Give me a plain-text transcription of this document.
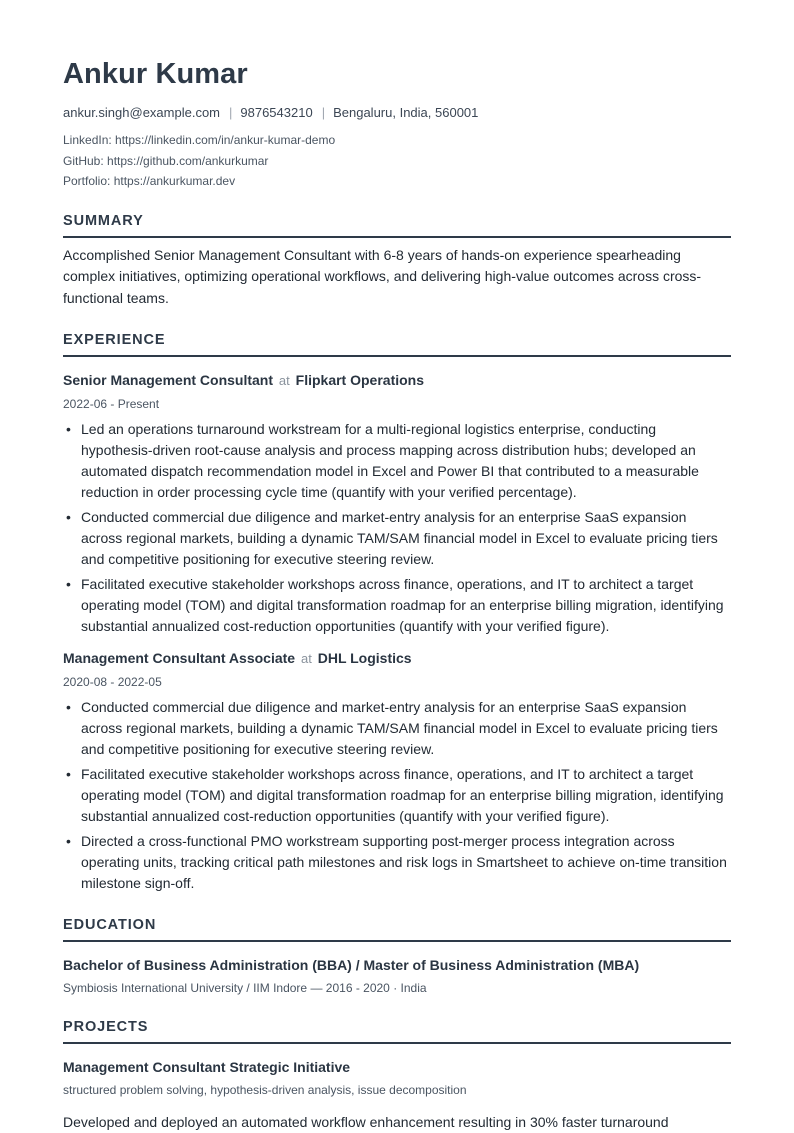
Ankur Kumar
ankur.singh@example.com | 9876543210 | Bengaluru, India, 560001
LinkedIn: https://linkedin.com/in/ankur-kumar-demo
GitHub: https://github.com/ankurkumar
Portfolio: https://ankurkumar.dev
SUMMARY

Accomplished Senior Management Consultant with 6-8 years of hands-on experience spearheading complex initiatives, optimizing operational workflows, and delivering high-value outcomes across cross-functional teams.

EXPERIENCE
Senior Management Consultant at Flipkart Operations
2022-06 - Present
• Led an operations turnaround workstream for a multi-regional logistics enterprise, conducting hypothesis-driven root-cause analysis and process mapping across distribution hubs; developed an automated dispatch recommendation model in Excel and Power BI that contributed to a measurable reduction in order processing cycle time (quantify with your verified percentage).
• Conducted commercial due diligence and market-entry analysis for an enterprise SaaS expansion across regional markets, building a dynamic TAM/SAM financial model in Excel to evaluate pricing tiers and competitive positioning for executive steering review.
• Facilitated executive stakeholder workshops across finance, operations, and IT to architect a target operating model (TOM) and digital transformation roadmap for an enterprise billing migration, identifying substantial annualized cost-reduction opportunities (quantify with your verified figure).
Management Consultant Associate at DHL Logistics
2020-08 - 2022-05
• Conducted commercial due diligence and market-entry analysis for an enterprise SaaS expansion across regional markets, building a dynamic TAM/SAM financial model in Excel to evaluate pricing tiers and competitive positioning for executive steering review.
• Facilitated executive stakeholder workshops across finance, operations, and IT to architect a target operating model (TOM) and digital transformation roadmap for an enterprise billing migration, identifying substantial annualized cost-reduction opportunities (quantify with your verified figure).
• Directed a cross-functional PMO workstream supporting post-merger process integration across operating units, tracking critical path milestones and risk logs in Smartsheet to achieve on-time transition milestone sign-off.
EDUCATION
Bachelor of Business Administration (BBA) / Master of Business Administration (MBA)
Symbiosis International University / IIM Indore — 2016 - 2020 · India
PROJECTS
Management Consultant Strategic Initiative
structured problem solving, hypothesis-driven analysis, issue decomposition
Developed and deployed an automated workflow enhancement resulting in 30% faster turnaround
